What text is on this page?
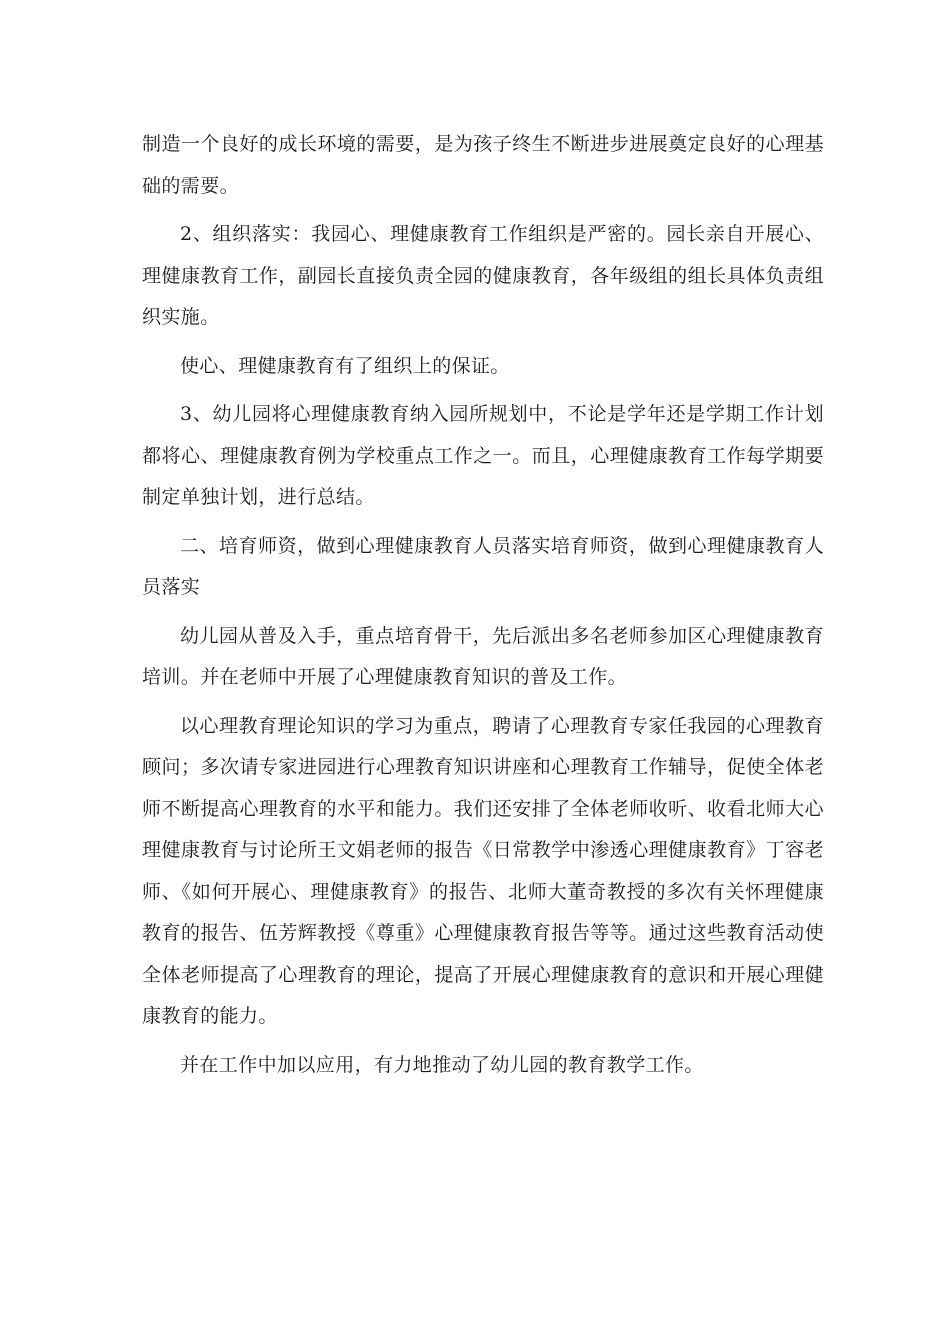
制造一个良好的成长环境的需要，是为孩子终生不断进步进展奠定良好的心理基础的需要。

2、组织落实：我园心、理健康教育工作组织是严密的。园长亲自开展心、理健康教育工作，副园长直接负责全园的健康教育，各年级组的组长具体负责组织实施。

使心、理健康教育有了组织上的保证。

3、幼儿园将心理健康教育纳入园所规划中，不论是学年还是学期工作计划都将心、理健康教育例为学校重点工作之一。而且，心理健康教育工作每学期要制定单独计划，进行总结。

二、培育师资，做到心理健康教育人员落实培育师资，做到心理健康教育人员落实

幼儿园从普及入手，重点培育骨干，先后派出多名老师参加区心理健康教育培训。并在老师中开展了心理健康教育知识的普及工作。

以心理教育理论知识的学习为重点，聘请了心理教育专家任我园的心理教育顾问；多次请专家进园进行心理教育知识讲座和心理教育工作辅导，促使全体老师不断提高心理教育的水平和能力。我们还安排了全体老师收听、收看北师大心理健康教育与讨论所王文娟老师的报告《日常教学中渗透心理健康教育》丁容老师、《如何开展心、理健康教育》的报告、北师大董奇教授的多次有关怀理健康教育的报告、伍芳辉教授《尊重》心理健康教育报告等等。通过这些教育活动使全体老师提高了心理教育的理论，提高了开展心理健康教育的意识和开展心理健康教育的能力。

并在工作中加以应用，有力地推动了幼儿园的教育教学工作。
